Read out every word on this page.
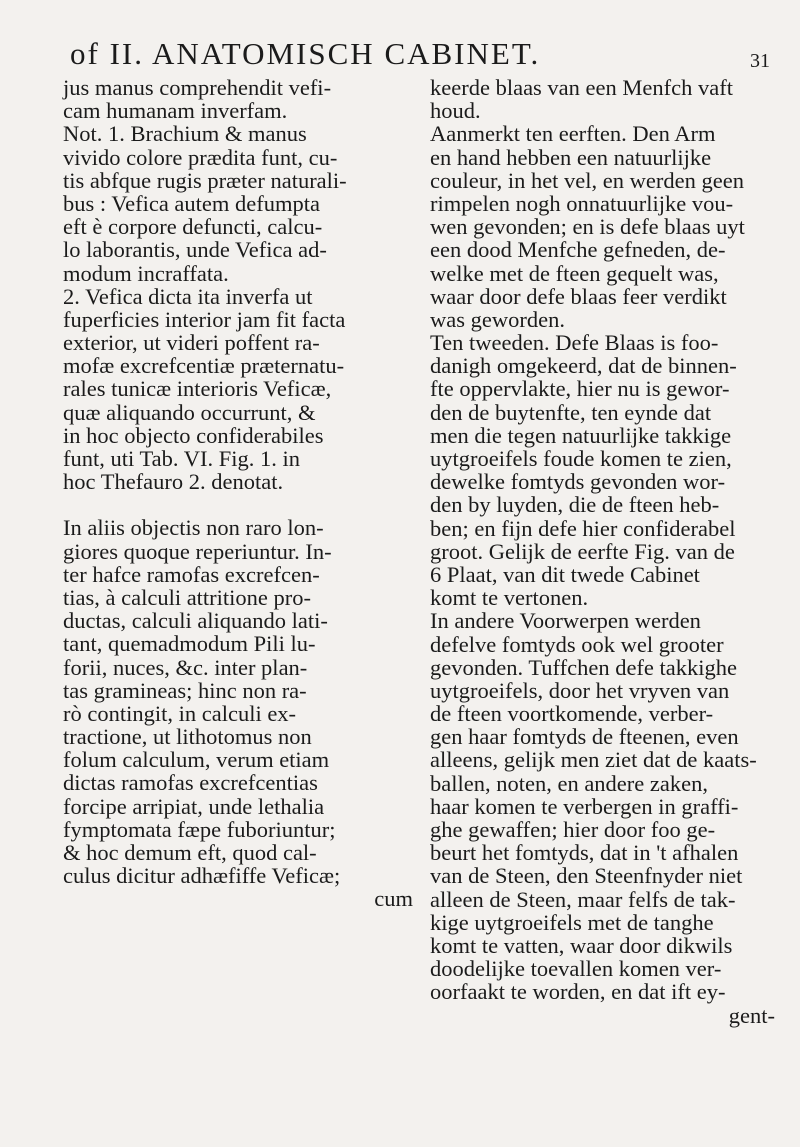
of II. ANATOMISCH CABINET.	31
jus manus comprehendit vefi-
cam humanam inverfam.
Not. 1. Brachium & manus
vivido colore prædita funt, cu-
tis abfque rugis præter naturali-
bus : Vefica autem defumpta
eft è corpore defuncti, calcu-
lo laborantis, unde Vefica ad-
modum incraffata.
2. Vefica dicta ita inverfa ut
fuperficies interior jam fit facta
exterior, ut videri poffent ra-
mofæ excrefcentiæ præternatu-
rales tunicæ interioris Veficæ,
quæ aliquando occurrunt, &
in hoc objecto confiderabiles
funt, uti Tab. VI. Fig. 1. in
hoc Thefauro 2. denotat.
In aliis objectis non raro lon-
giores quoque reperiuntur. In-
ter hafce ramofas excrefcen-
tias, à calculi attritione pro-
ductas, calculi aliquando lati-
tant, quemadmodum Pili lu-
forii, nuces, &c. inter plan-
tas gramineas; hinc non ra-
rò contingit, in calculi ex-
tractione, ut lithotomus non
folum calculum, verum etiam
dictas ramofas excrefcentias
forcipe arripiat, unde lethalia
fymptomata fæpe fuboriuntur;
& hoc demum eft, quod cal-
culus dicitur adhæfiffe Veficæ;
cum
keerde blaas van een Menfch vaft
houd.
Aanmerkt ten eerften. Den Arm
en hand hebben een natuurlijke
couleur, in het vel, en werden geen
rimpelen nogh onnatuurlijke vou-
wen gevonden; en is defe blaas uyt
een dood Menfche gefneden, de-
welke met de fteen gequelt was,
waar door defe blaas feer verdikt
was geworden.
Ten tweeden. Defe Blaas is foo-
danigh omgekeerd, dat de binnen-
fte oppervlakte, hier nu is gewor-
den de buytenfte, ten eynde dat
men die tegen natuurlijke takkige
uytgroeifels foude komen te zien,
dewelke fomtyds gevonden wor-
den by luyden, die de fteen heb-
ben; en fijn defe hier confiderabel
groot. Gelijk de eerfte Fig. van de
6 Plaat, van dit twede Cabinet
komt te vertonen.
In andere Voorwerpen werden
defelve fomtyds ook wel grooter
gevonden. Tuffchen defe takkighe
uytgroeifels, door het vryven van
de fteen voortkomende, verber-
gen haar fomtyds de fteenen, even
alleens, gelijk men ziet dat de kaats-
ballen, noten, en andere zaken,
haar komen te verbergen in graffi-
ghe gewaffen; hier door foo ge-
beurt het fomtyds, dat in 't afhalen
van de Steen, den Steenfnyder niet
alleen de Steen, maar felfs de tak-
kige uytgroeifels met de tanghe
komt te vatten, waar door dikwils
doodelijke toevallen komen ver-
oorfaakt te worden, en dat ift ey-
gent-
